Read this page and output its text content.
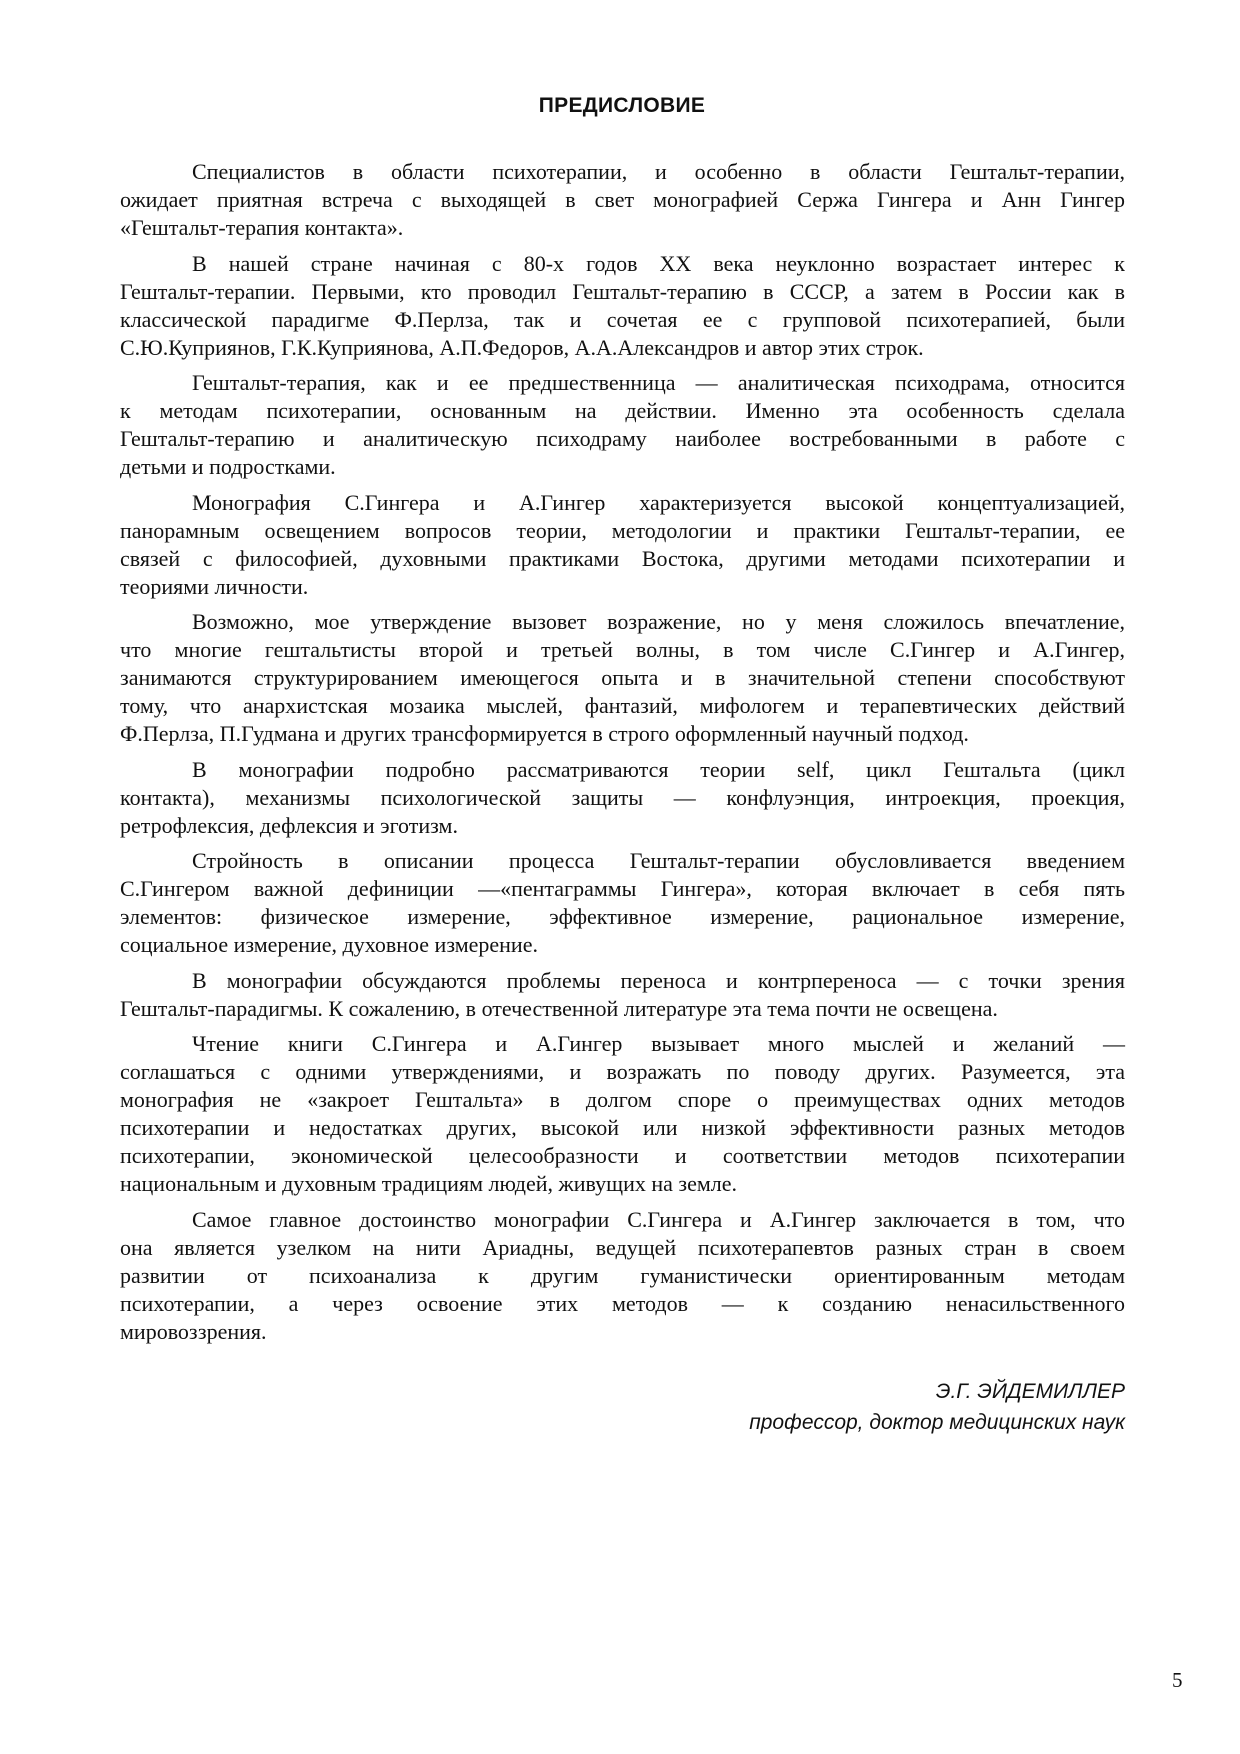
ПРЕДИСЛОВИЕ
Специалистов в области психотерапии, и особенно в области Гештальт-терапии,
ожидает приятная встреча с выходящей в свет монографией Сержа Гингера и Анн Гингер
«Гештальт-терапия контакта».
В нашей стране начиная с 80-х годов XX века неуклонно возрастает интерес к
Гештальт-терапии. Первыми, кто проводил Гештальт-терапию в СССР, а затем в России как в
классической парадигме Ф.Перлза, так и сочетая ее с групповой психотерапией, были
С.Ю.Куприянов, Г.К.Куприянова, А.П.Федоров, А.А.Александров и автор этих строк.
Гештальт-терапия, как и ее предшественница — аналитическая психодрама, относится
к методам психотерапии, основанным на действии. Именно эта особенность сделала
Гештальт-терапию и аналитическую психодраму наиболее востребованными в работе с
детьми и подростками.
Монография С.Гингера и А.Гингер характеризуется высокой концептуализацией,
панорамным освещением вопросов теории, методологии и практики Гештальт-терапии, ее
связей с философией, духовными практиками Востока, другими методами психотерапии и
теориями личности.
Возможно, мое утверждение вызовет возражение, но у меня сложилось впечатление,
что многие гештальтисты второй и третьей волны, в том числе С.Гингер и А.Гингер,
занимаются структурированием имеющегося опыта и в значительной степени способствуют
тому, что анархистская мозаика мыслей, фантазий, мифологем и терапевтических действий
Ф.Перлза, П.Гудмана и других трансформируется в строго оформленный научный подход.
В монографии подробно рассматриваются теории self, цикл Гештальта (цикл
контакта), механизмы психологической защиты — конфлуэнция, интроекция, проекция,
ретрофлексия, дефлексия и эготизм.
Стройность в описании процесса Гештальт-терапии обусловливается введением
С.Гингером важной дефиниции —«пентаграммы Гингера», которая включает в себя пять
элементов: физическое измерение, эффективное измерение, рациональное измерение,
социальное измерение, духовное измерение.
В монографии обсуждаются проблемы переноса и контрпереноса — с точки зрения
Гештальт-парадигмы. К сожалению, в отечественной литературе эта тема почти не освещена.
Чтение книги С.Гингера и А.Гингер вызывает много мыслей и желаний —
соглашаться с одними утверждениями, и возражать по поводу других. Разумеется, эта
монография не «закроет Гештальта» в долгом споре о преимуществах одних методов
психотерапии и недостатках других, высокой или низкой эффективности разных методов
психотерапии, экономической целесообразности и соответствии методов психотерапии
национальным и духовным традициям людей, живущих на земле.
Самое главное достоинство монографии С.Гингера и А.Гингер заключается в том, что
она является узелком на нити Ариадны, ведущей психотерапевтов разных стран в своем
развитии от психоанализа к другим гуманистически ориентированным методам
психотерапии, а через освоение этих методов — к созданию ненасильственного
мировоззрения.
Э.Г. ЭЙДЕМИЛЛЕР
профессор, доктор медицинских наук
5
